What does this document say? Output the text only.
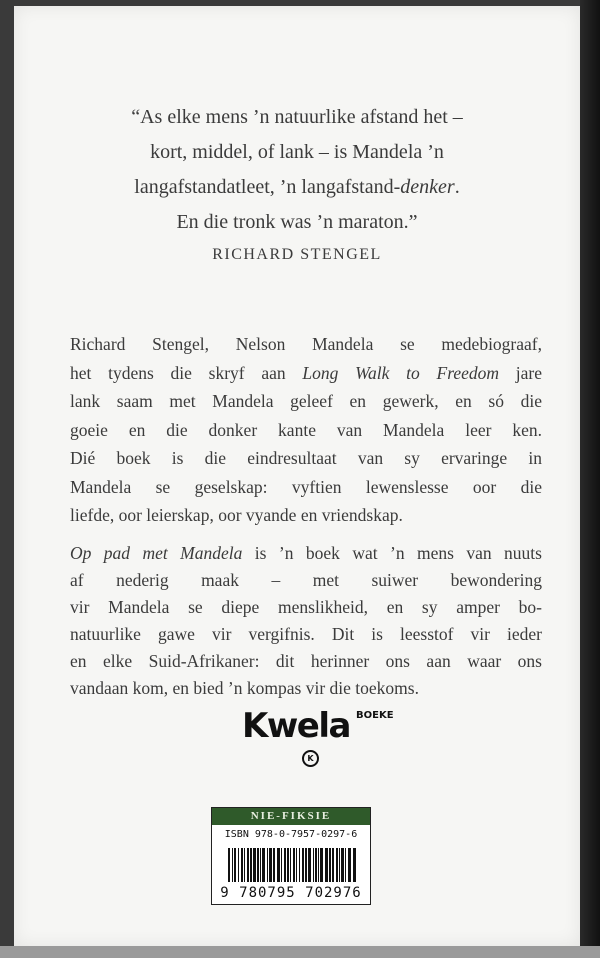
“As elke mens ’n natuurlike afstand het –
kort, middel, of lank – is Mandela ’n
langafstandatleet, ’n langafstand-denker.
En die tronk was ’n maraton.”
RICHARD STENGEL
Richard Stengel, Nelson Mandela se medebiograaf,
het tydens die skryf aan Long Walk to Freedom jare
lank saam met Mandela geleef en gewerk, en só die
goeie en die donker kante van Mandela leer ken.
Dié boek is die eindresultaat van sy ervaringe in
Mandela se geselskap: vyftien lewenslesse oor die
liefde, oor leierskap, oor vyande en vriendskap.
Op pad met Mandela is ’n boek wat ’n mens van nuuts
af nederig maak – met suiwer bewondering
vir Mandela se diepe menslikheid, en sy amper bo-
natuurlike gawe vir vergifnis. Dit is leesstof vir ieder
en elke Suid-Afrikaner: dit herinner ons aan waar ons
vandaan kom, en bied ’n kompas vir die toekoms.
Kwela BOEKE
K
NIE-FIKSIE
ISBN 978-0-7957-0297-6
9 780795 702976
